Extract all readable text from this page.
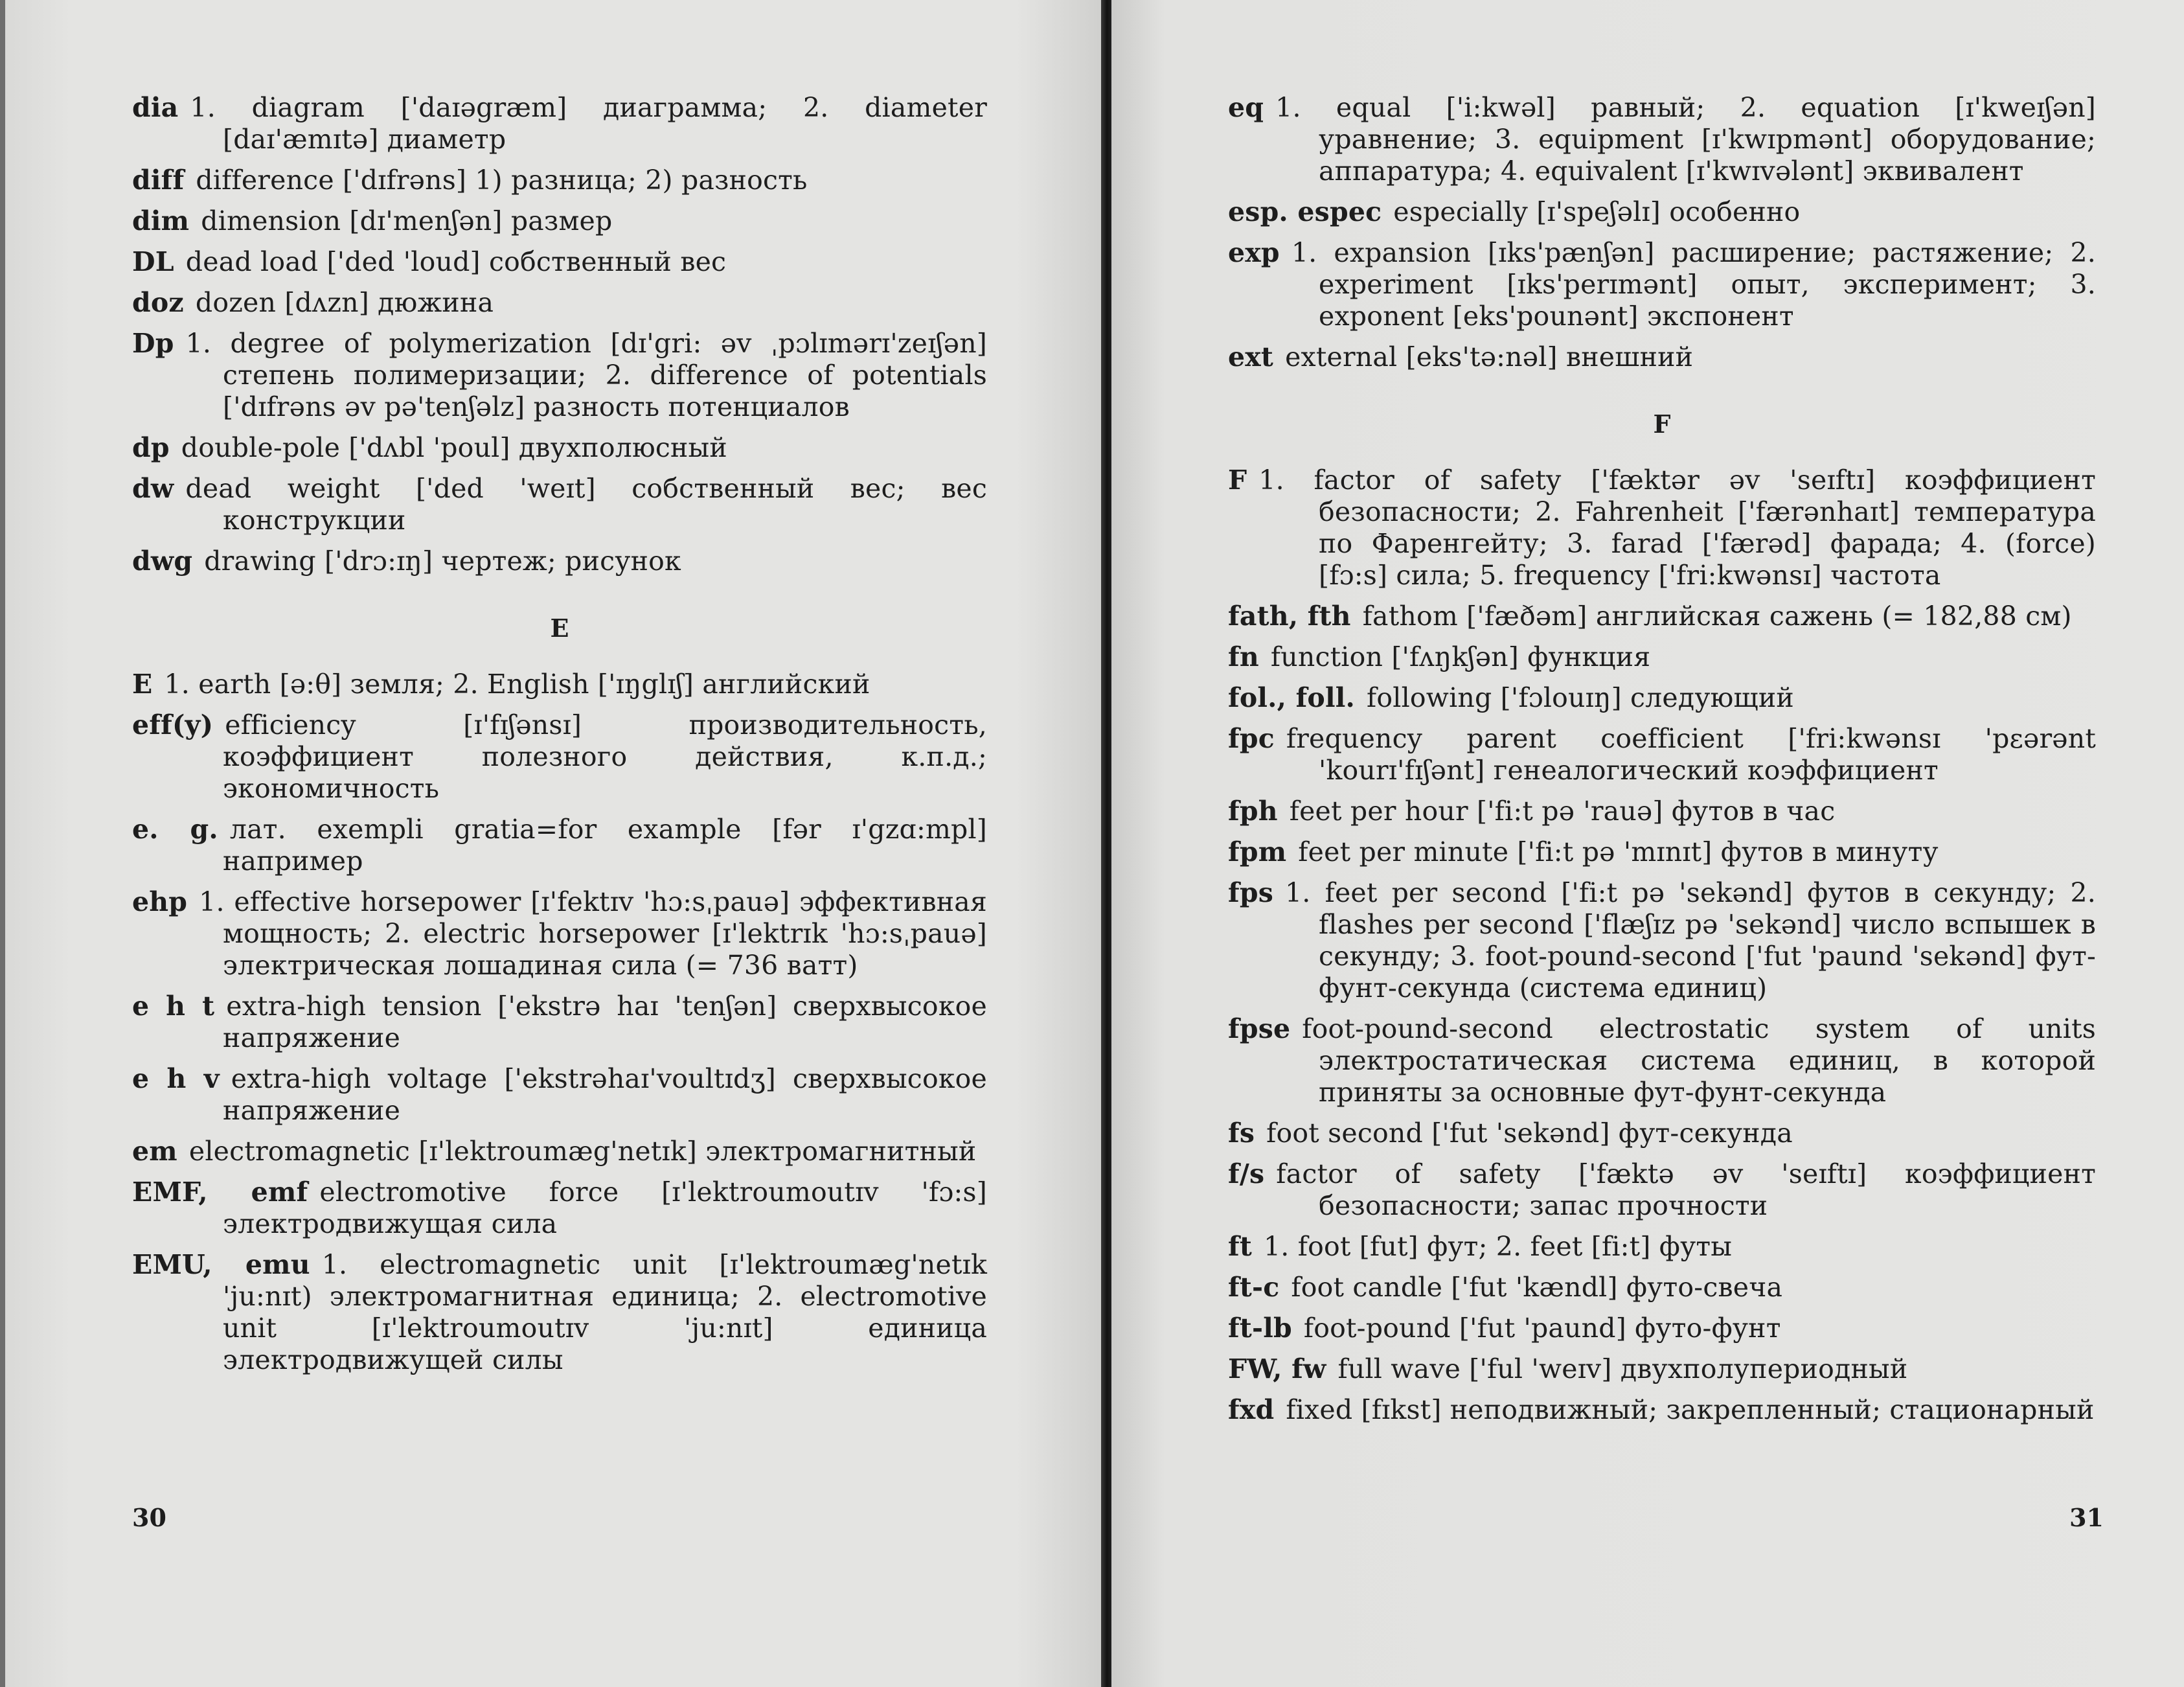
dia 1. diagram ['daɪəgræm] диаграмма; 2. diameter [daɪ'æmɪtə] диаметр
diff difference ['dɪfrəns] 1) разница; 2) разность
dim dimension [dɪ'menʃən] размер
DL dead load ['ded 'loud] собственный вес
doz dozen [dʌzn] дюжина
Dp 1. degree of polymerization [dɪ'gri: əv ˌpɔlɪmərɪ'zeɪʃən] степень полимеризации; 2. difference of potentials ['dɪfrəns əv pə'tenʃəlz] разность потенциалов
dp double-pole ['dʌbl 'poul] двухполюсный
dw dead weight ['ded 'weɪt] собственный вес; вес конструкции
dwg drawing ['drɔ:ɪŋ] чертеж; рисунок
E
E 1. earth [ə:θ] земля; 2. English ['ɪŋglɪʃ] английский
eff(y) efficiency [ɪ'fɪʃənsɪ] производительность, коэффициент полезного действия, к.п.д.; экономичность
e. g. лат. exempli gratia=for example [fər ɪ'gzɑ:mpl] например
ehp 1. effective horsepower [ɪ'fektɪv 'hɔ:sˌpauə] эффективная мощность; 2. electric horsepower [ɪ'lektrɪk 'hɔ:sˌpauə] электрическая лошадиная сила (= 736 ватт)
e h t extra-high tension ['ekstrə haɪ 'tenʃən] сверхвысокое напряжение
e h v extra-high voltage ['ekstrəhaɪ'voultɪdʒ] сверхвысокое напряжение
em electromagnetic [ɪ'lektroumæg'netɪk] электромагнитный
EMF, emf electromotive force [ɪ'lektroumoutɪv 'fɔ:s] электродвижущая сила
EMU, emu 1. electromagnetic unit [ɪ'lektroumæg'netɪk 'ju:nɪt) электромагнитная единица; 2. electromotive unit [ɪ'lektroumoutɪv 'ju:nɪt] единица электродвижущей силы
30
eq 1. equal ['i:kwəl] равный; 2. equation [ɪ'kweɪʃən] уравнение; 3. equipment [ɪ'kwɪpmənt] оборудование; аппаратура; 4. equivalent [ɪ'kwɪvələnt] эквивалент
esp. espec especially [ɪ'speʃəlɪ] особенно
exp 1. expansion [ɪks'pænʃən] расширение; растяжение; 2. experiment [ɪks'perɪmənt] опыт, эксперимент; 3. exponent [eks'pounənt] экспонент
ext external [eks'tə:nəl] внешний
F
F 1. factor of safety ['fæktər əv 'seɪftɪ] коэффициент безопасности; 2. Fahrenheit ['færənhaɪt] температура по Фаренгейту; 3. farad ['færəd] фарада; 4. (force) [fɔ:s] сила; 5. frequency ['fri:kwənsɪ] частота
fath, fth fathom ['fæðəm] английская сажень (= 182,88 см)
fn function ['fʌŋkʃən] функция
fol., foll. following ['fɔlouɪŋ] следующий
fpc frequency parent coefficient ['fri:kwənsɪ 'pɛərənt 'kourɪ'fɪʃənt] генеалогический коэффициент
fph feet per hour ['fi:t pə 'rauə] футов в час
fpm feet per minute ['fi:t pə 'mɪnɪt] футов в минуту
fps 1. feet per second ['fi:t pə 'sekənd] футов в секунду; 2. flashes per second ['flæʃɪz pə 'sekənd] число вспышек в секунду; 3. foot-pound-second ['fut 'paund 'sekənd] фут-фунт-секунда (система единиц)
fpse foot-pound-second electrostatic system of units электростатическая система единиц, в которой приняты за основные фут-фунт-секунда
fs foot second ['fut 'sekənd] фут-секунда
f/s factor of safety ['fæktə əv 'seɪftɪ] коэффициент безопасности; запас прочности
ft 1. foot [fut] фут; 2. feet [fi:t] футы
ft-c foot candle ['fut 'kændl] футо-свеча
ft-lb foot-pound ['fut 'paund] футо-фунт
FW, fw full wave ['ful 'weɪv] двухполупериодный
fxd fixed [fɪkst] неподвижный; закрепленный; стационарный
31
